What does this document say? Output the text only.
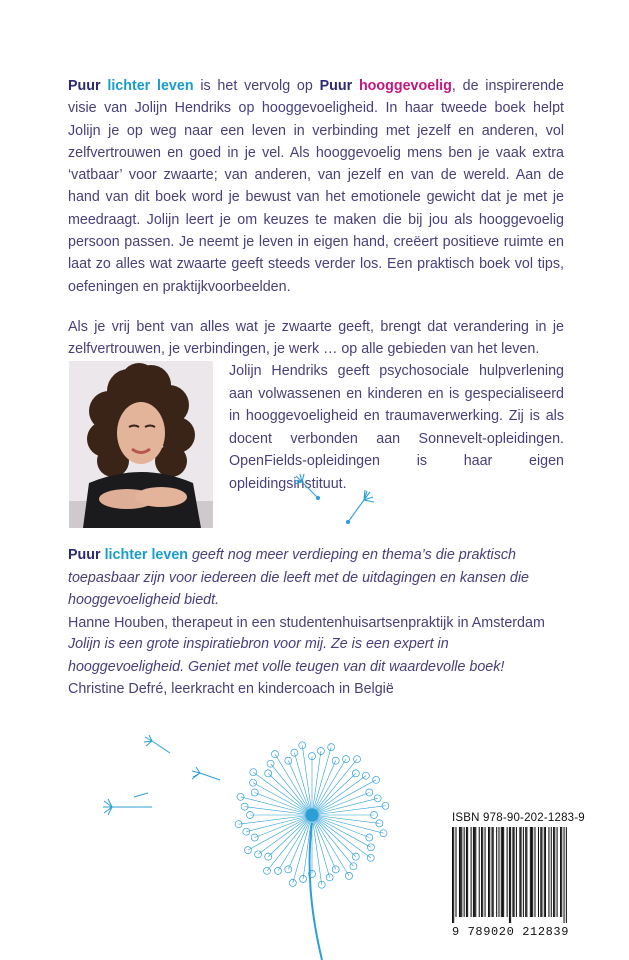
Puur lichter leven is het vervolg op Puur hooggevoelig, de inspirerende visie van Jolijn Hendriks op hooggevoeligheid. In haar tweede boek helpt Jolijn je op weg naar een leven in verbinding met jezelf en anderen, vol zelfvertrouwen en goed in je vel. Als hooggevoelig mens ben je vaak extra ‘vatbaar’ voor zwaarte; van anderen, van jezelf en van de wereld. Aan de hand van dit boek word je bewust van het emotionele gewicht dat je met je meedraagt. Jolijn leert je om keuzes te maken die bij jou als hooggevoelig persoon passen. Je neemt je leven in eigen hand, creëert positieve ruimte en laat zo alles wat zwaarte geeft steeds verder los. Een praktisch boek vol tips, oefeningen en praktijkvoorbeelden.

Als je vrij bent van alles wat je zwaarte geeft, brengt dat verandering in je zelfvertrouwen, je verbindingen, je werk … op alle gebieden van het leven.

Jolijn Hendriks geeft psychosociale hulpverlening aan volwassenen en kinderen en is gespecialiseerd in hooggevoeligheid en traumaverwerking. Zij is als docent verbonden aan Sonnevelt-opleidingen. OpenFields-opleidingen is haar eigen opleidingsinstituut.

Puur lichter leven geeft nog meer verdieping en thema’s die praktisch toepasbaar zijn voor iedereen die leeft met de uitdagingen en kansen die hooggevoeligheid biedt.
Hanne Houben, therapeut in een studentenhuisartsenpraktijk in Amsterdam

Jolijn is een grote inspiratiebron voor mij. Ze is een expert in hooggevoeligheid. Geniet met volle teugen van dit waardevolle boek!
Christine Defré, leerkracht en kindercoach in België

ISBN 978-90-202-1283-9
9 789020 212839
